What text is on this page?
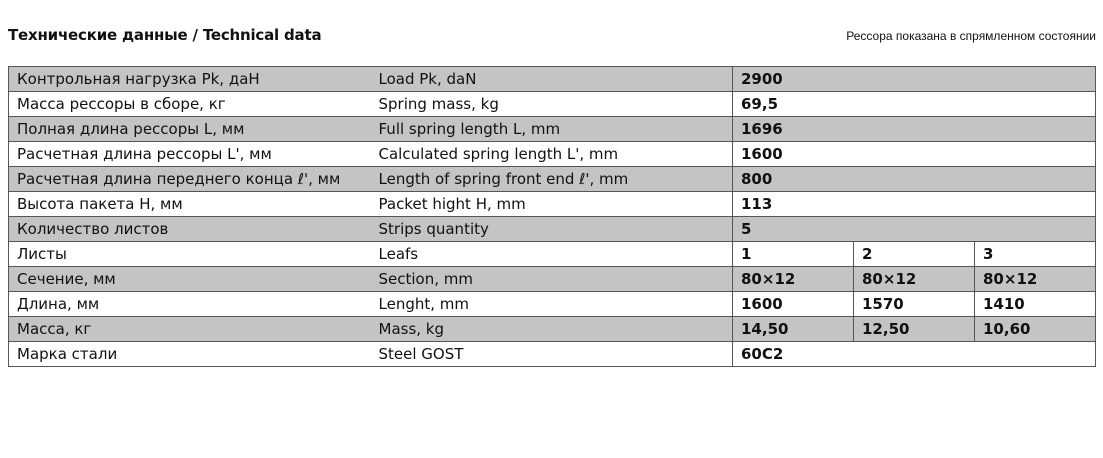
Технические данные / Technical data	Рессора показана в спрямленном состоянии
Контрольная нагрузка Pk, даН	Load Pk, daN	2900		
Масса рессоры в сборе, кг	Spring mass, kg	69,5		
Полная длина рессоры L, мм	Full spring length L, mm	1696		
Расчетная длина рессоры L', мм	Calculated spring length L', mm	1600		
Расчетная длина переднего конца ℓ', мм	Length of spring front end ℓ', mm	800		
Высота пакета H, мм	Packet hight H, mm	113		
Количество листов	Strips quantity	5		
Листы	Leafs	1	2	3
Сечение, мм	Section, mm	80×12	80×12	80×12
Длина, мм	Lenght, mm	1600	1570	1410
Масса, кг	Mass, kg	14,50	12,50	10,60
Марка стали	Steel GOST	60С2		
